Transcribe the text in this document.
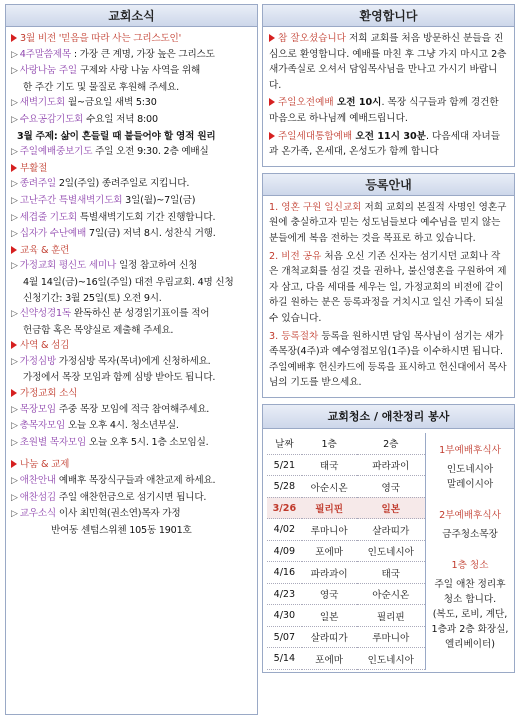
교회소식
3월 비전 '믿음을 따라 사는 그리스도인'
▷ 4주말씀제목 : 가장 큰 계명, 가장 높은 그리스도
▷ 사랑나눔 주일 구제와 사랑 나눔 사역을 위해
한 주간 기도 및 물질로 후원해 주세요.
▷ 새벽기도회 월~금요일 새벽 5:30
▷ 수요공감기도회 수요일 저녁 8:00
3월 주제: 삶이 흔들릴 때 붙들어야 할 영적 원리
▷ 주일예배중보기도 주일 오전 9:30. 2층 예배실
부활절
▷ 종려주일 2일(주일) 종려주일로 지킵니다.
▷ 고난주간 특별새벽기도회 3일(월)~7일(금)
▷ 세겹줄 기도회 특별새벽기도회 기간 진행합니다.
▷ 십자가 수난예배 7일(금) 저녁 8시. 성찬식 거행.
교육 & 훈련
▷ 가정교회 평신도 세미나 일정 참고하여 신청
4월 14일(금)~16일(주일) 대전 우림교회. 4명 신청
신청기간: 3월 25일(토) 오전 9시.
▷ 신약성경1독 완독하신 분 성경읽기표이를 적어
헌금함 혹은 목양실로 제출해 주세요.
사역 & 섬김
▷ 가정심방 가정심방 목자(목녀)에게 신청하세요.
가정에서 목장 모임과 함께 심방 받아도 됩니다.
가정교회 소식
▷ 목장모임 주중 목장 모임에 적극 참여해주세요.
▷ 총목자모임 오늘 오후 4시. 청소년부실.
▷ 초원별 목자모임 오늘 오후 5시. 1층 소모임실.
나눔 & 교제
▷ 애찬안내 예배후 목장식구들과 애찬교제 하세요.
▷ 애찬섬김 주일 애찬헌금으로 섬기시면 됩니다.
▷ 교우소식 이사 최민혁(권소연)목자 가정
반여동 센텀스위첸 105동 1901호
환영합니다
참 잘오셨습니다 저희 교회를 처음 방문하신 분들을 진심으로 환영합니다. 예배를 마친 후 그냥 가지 마시고 2층 새가족실로 오셔서 담임목사님을 만나고 가시기 바랍니다.
주일오전예배 오전 10시. 목장 식구들과 함께 경건한 마음으로 하나님께 예배드립니다.
주일세대통합예배 오전 11시 30분. 다음세대 자녀들과 온가족, 온세대, 온성도가 함께 합니다
등록안내
1. 영혼 구원 일신교회 저희 교회의 본질적 사명인 영혼구원에 충실하고자 믿는 성도님들보다 예수님을 믿지 않는 분들에게 복음 전하는 것을 목표로 하고 있습니다.
2. 비전 공유 처음 오신 기존 신자는 섬기시던 교회나 작은 개척교회를 섬길 것을 권하나, 불신영혼을 구원하여 제자 삼고, 다음 세대를 세우는 일, 가정교회의 비전에 같이 하길 원하는 분은 등록과정을 거치시고 일신 가족이 되실 수 있습니다.
3. 등록절차 등록을 원하시면 담임 목사님이 섬기는 새가족목장(4주)과 예수영접모임(1주)을 이수하시면 됩니다. 주일예배후 헌신카드에 등록을 표시하고 헌신대에서 목사님의 기도를 받으세요.
교회청소 / 애찬정리 봉사
날짜	1층	2층
5/21	태국	파라과이
5/28	아순시온	영국
3/26	필리핀	일본
4/02	루마니아	살라띠가
4/09	포에마	인도네시아
4/16	파라과이	태국
4/23	영국	아순시온
4/30	일본	필리핀
5/07	살라띠가	루마니아
5/14	포에마	인도네시아
1부예배후식사
인도네시아
말레이시아
2부예배후식사
금주청소목장
1층 청소
주일 애찬 정리후 청소 합니다.
(복도, 로비, 계단, 1층과 2층 화장실, 엘리베이터)
